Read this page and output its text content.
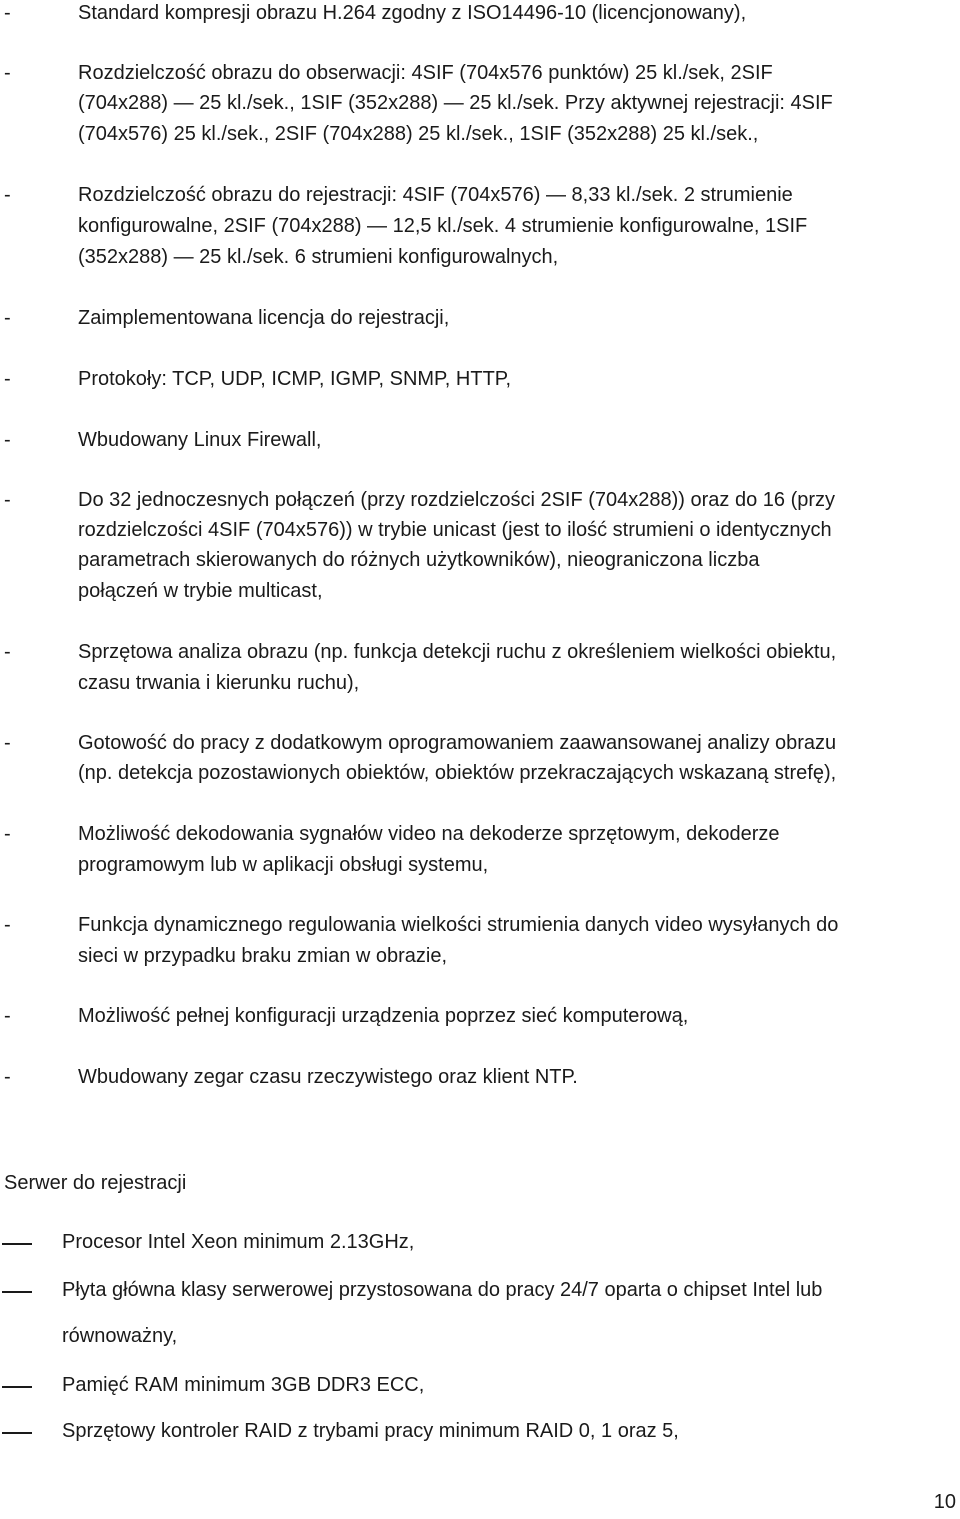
-	Standard kompresji obrazu H.264 zgodny z ISO14496-10 (licencjonowany),
-	Rozdzielczość obrazu do obserwacji: 4SIF (704x576 punktów) 25 kl./sek, 2SIF
(704x288) — 25 kl./sek., 1SIF (352x288) — 25 kl./sek. Przy aktywnej rejestracji: 4SIF
(704x576) 25 kl./sek., 2SIF (704x288) 25 kl./sek., 1SIF (352x288) 25 kl./sek.,
-	Rozdzielczość obrazu do rejestracji: 4SIF (704x576) — 8,33 kl./sek. 2 strumienie
konfigurowalne, 2SIF (704x288) — 12,5 kl./sek. 4 strumienie konfigurowalne, 1SIF
(352x288) — 25 kl./sek. 6 strumieni konfigurowalnych,
-	Zaimplementowana licencja do rejestracji,
-	Protokoły: TCP, UDP, ICMP, IGMP, SNMP, HTTP,
-	Wbudowany Linux Firewall,
-	Do 32 jednoczesnych połączeń (przy rozdzielczości 2SIF (704x288)) oraz do 16 (przy
rozdzielczości 4SIF (704x576)) w trybie unicast (jest to ilość strumieni o identycznych
parametrach skierowanych do różnych użytkowników), nieograniczona liczba
połączeń w trybie multicast,
-	Sprzętowa analiza obrazu (np. funkcja detekcji ruchu z określeniem wielkości obiektu,
czasu trwania i kierunku ruchu),
-	Gotowość do pracy z dodatkowym oprogramowaniem zaawansowanej analizy obrazu
(np. detekcja pozostawionych obiektów, obiektów przekraczających wskazaną strefę),
-	Możliwość dekodowania sygnałów video na dekoderze sprzętowym, dekoderze
programowym lub w aplikacji obsługi systemu,
-	Funkcja dynamicznego regulowania wielkości strumienia danych video wysyłanych do
sieci w przypadku braku zmian w obrazie,
-	Możliwość pełnej konfiguracji urządzenia poprzez sieć komputerową,
-	Wbudowany zegar czasu rzeczywistego oraz klient NTP.
Procesor Intel Xeon minimum 2.13GHz,
Płyta główna klasy serwerowej przystosowana do pracy 24/7 oparta o chipset Intel lub
równoważny,
Pamięć RAM minimum 3GB DDR3 ECC,
Sprzętowy kontroler RAID z trybami pracy minimum RAID 0, 1 oraz 5,
Serwer do rejestracji
10
